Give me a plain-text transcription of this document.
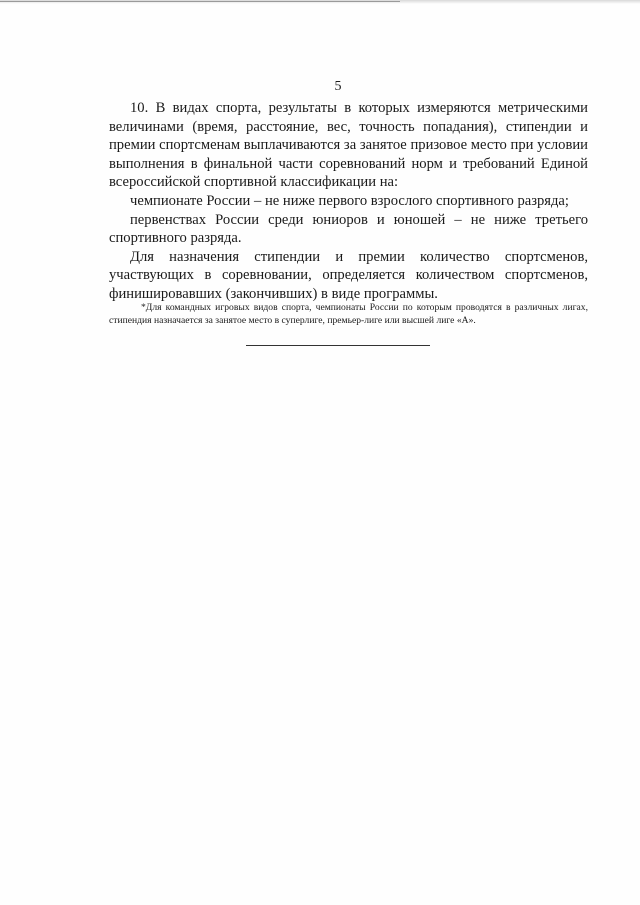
5

10. В видах спорта, результаты в которых измеряются метрическими величинами (время, расстояние, вес, точность попадания), стипендии и премии спортсменам выплачиваются за занятое призовое место при условии выполнения в финальной части соревнований норм и требований Единой всероссийской спортивной классификации на:

чемпионате России – не ниже первого взрослого спортивного разряда;

первенствах России среди юниоров и юношей – не ниже третьего спортивного разряда.

Для назначения стипендии и премии количество спортсменов, участвующих в соревновании, определяется количеством спортсменов, финишировавших (закончивших) в виде программы.

*Для командных игровых видов спорта, чемпионаты России по которым проводятся в различных лигах, стипендия назначается за занятое место в суперлиге, премьер-лиге или высшей лиге «А».
